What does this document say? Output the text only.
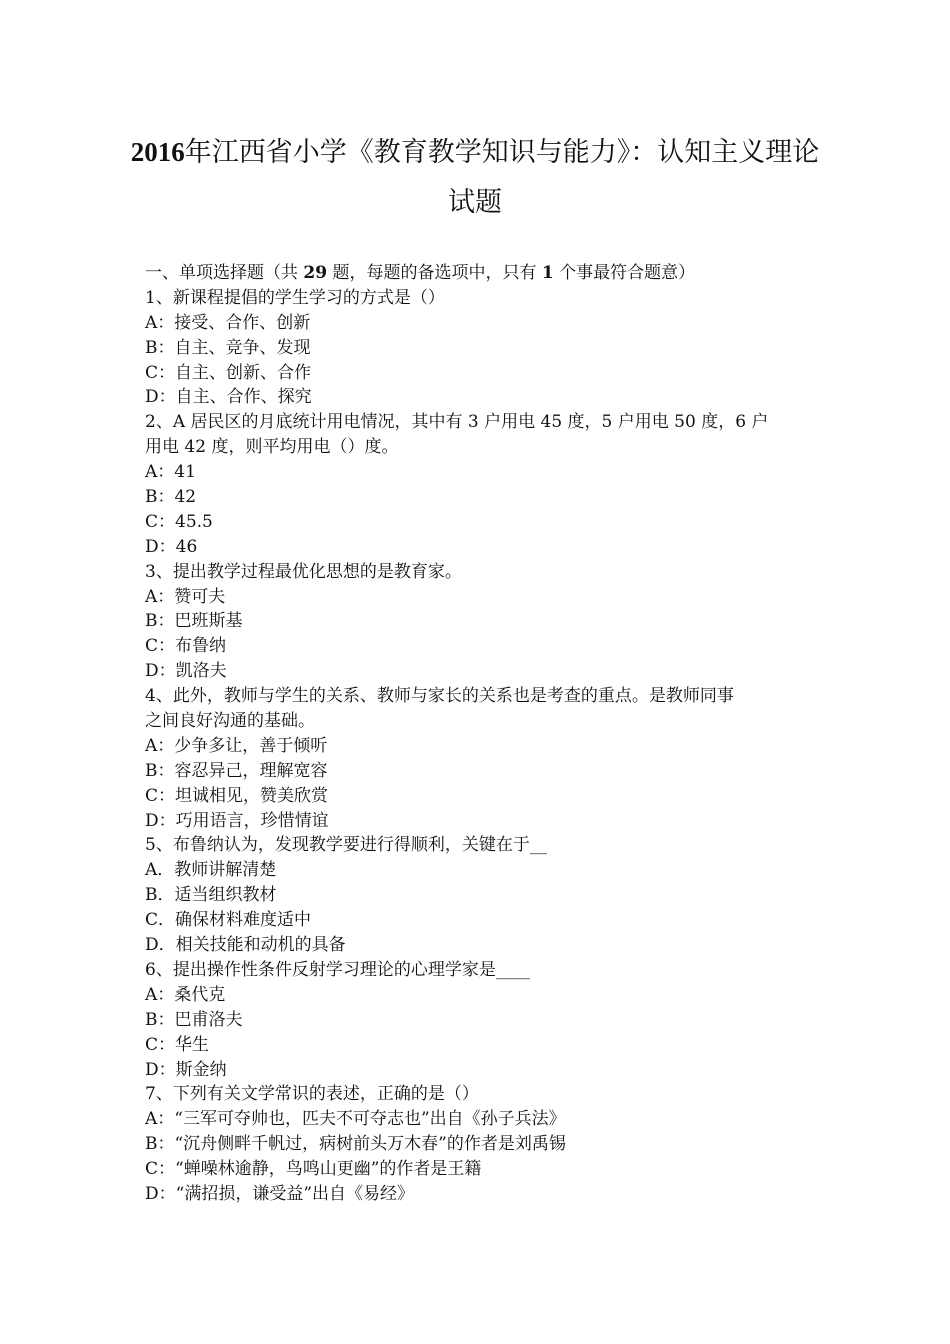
2016年江西省小学《教育教学知识与能力》：认知主义理论
试题
一、单项选择题（共 29 题，每题的备选项中，只有 1 个事最符合题意）
1、新课程提倡的学生学习的方式是（）
A：接受、合作、创新
B：自主、竞争、发现
C：自主、创新、合作
D：自主、合作、探究
2、A 居民区的月底统计用电情况，其中有 3 户用电 45 度，5 户用电 50 度，6 户
用电 42 度，则平均用电（）度。
A：41
B：42
C：45.5
D：46
3、提出教学过程最优化思想的是教育家。
A：赞可夫
B：巴班斯基
C：布鲁纳
D：凯洛夫
4、此外，教师与学生的关系、教师与家长的关系也是考查的重点。是教师同事
之间良好沟通的基础。
A：少争多让，善于倾听
B：容忍异己，理解宽容
C：坦诚相见，赞美欣赏
D：巧用语言，珍惜情谊
5、布鲁纳认为，发现教学要进行得顺利，关键在于__
A．教师讲解清楚
B．适当组织教材
C．确保材料难度适中
D．相关技能和动机的具备
6、提出操作性条件反射学习理论的心理学家是____
A：桑代克
B：巴甫洛夫
C：华生
D：斯金纳
7、下列有关文学常识的表述，正确的是（）
A：“三军可夺帅也，匹夫不可夺志也”出自《孙子兵法》
B：“沉舟侧畔千帆过，病树前头万木春”的作者是刘禹锡
C：“蝉噪林逾静，鸟鸣山更幽”的作者是王籍
D：“满招损，谦受益”出自《易经》
